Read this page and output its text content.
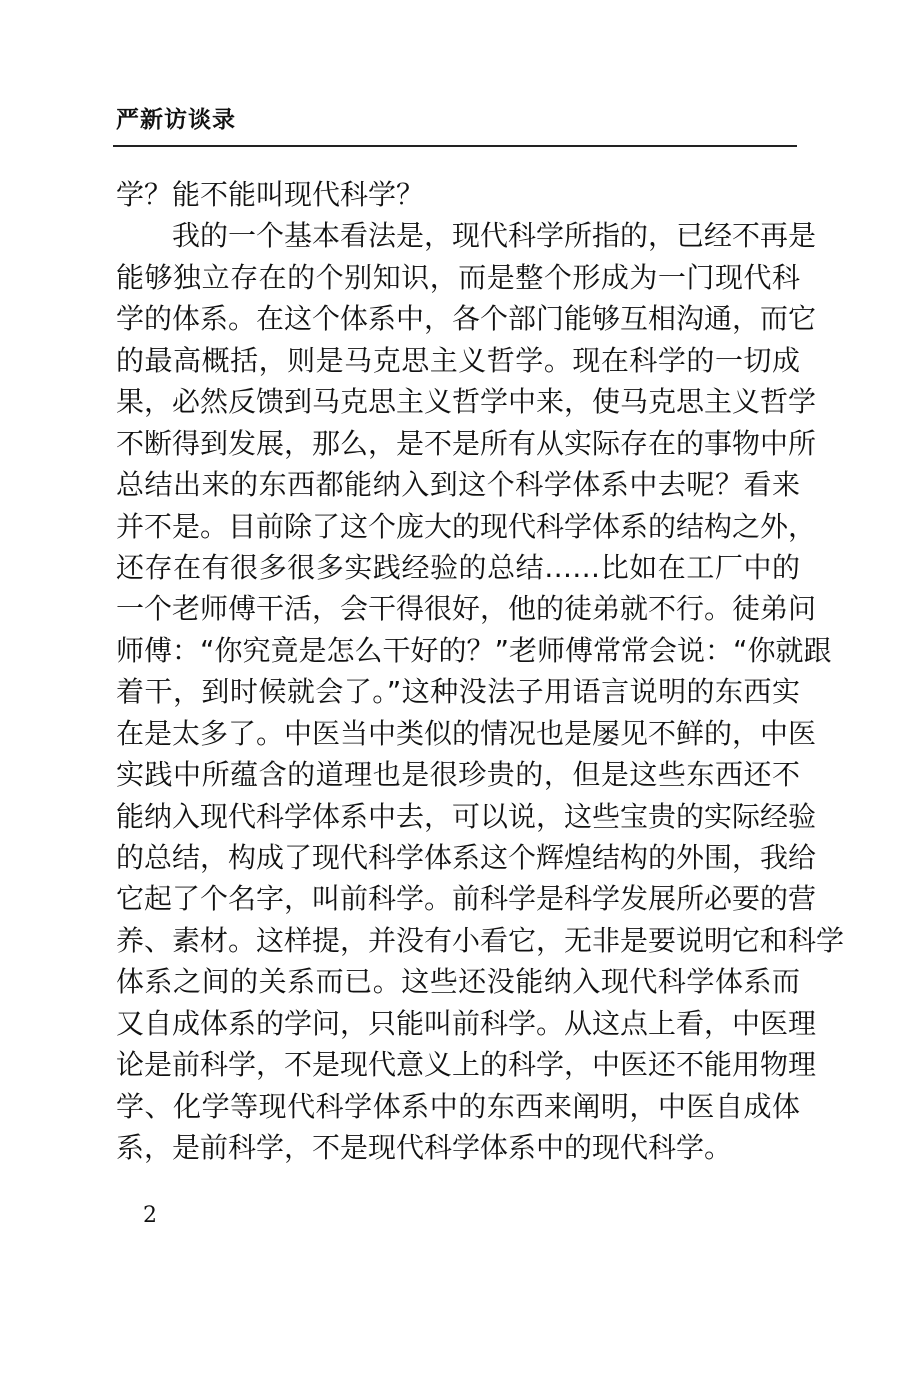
严新访谈录
学？能不能叫现代科学？
我的一个基本看法是，现代科学所指的，已经不再是
能够独立存在的个别知识，而是整个形成为一门现代科
学的体系。在这个体系中，各个部门能够互相沟通，而它
的最高概括，则是马克思主义哲学。现在科学的一切成
果，必然反馈到马克思主义哲学中来，使马克思主义哲学
不断得到发展，那么，是不是所有从实际存在的事物中所
总结出来的东西都能纳入到这个科学体系中去呢？看来
并不是。目前除了这个庞大的现代科学体系的结构之外，
还存在有很多很多实践经验的总结……比如在工厂中的
一个老师傅干活，会干得很好，他的徒弟就不行。徒弟问
师傅：“你究竟是怎么干好的？”老师傅常常会说：“你就跟
着干，到时候就会了。”这种没法子用语言说明的东西实
在是太多了。中医当中类似的情况也是屡见不鲜的，中医
实践中所蕴含的道理也是很珍贵的，但是这些东西还不
能纳入现代科学体系中去，可以说，这些宝贵的实际经验
的总结，构成了现代科学体系这个辉煌结构的外围，我给
它起了个名字，叫前科学。前科学是科学发展所必要的营
养、素材。这样提，并没有小看它，无非是要说明它和科学
体系之间的关系而已。这些还没能纳入现代科学体系而
又自成体系的学问，只能叫前科学。从这点上看，中医理
论是前科学，不是现代意义上的科学，中医还不能用物理
学、化学等现代科学体系中的东西来阐明，中医自成体
系，是前科学，不是现代科学体系中的现代科学。
2
